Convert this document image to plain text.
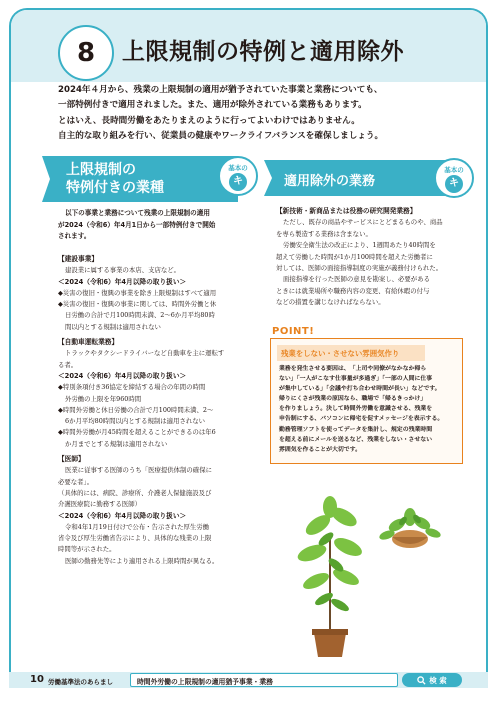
8	上限規制の特例と適用除外

2024年４月から、残業の上限規制の適用が猶予されていた事業と業務についても、

一部特例付きで適用されました。また、適用が除外されている業務もあります。

とはいえ、長時間労働をあたりまえのように行ってよいわけではありません。

自主的な取り組みを行い、従業員の健康やワークライフバランスを確保しましょう。

上限規制の
特例付きの業種
基本の
キ	適用除外の業務
基本の
キ

以下の事業と業務について残業の上限規制の適用

が2024（令和6）年4月1日から一部特例付きで開始
されます。
【建設事業】
建設業に属する事業の本店、支店など。
＜2024（令和6）年4月以降の取り扱い＞
◆災害の復旧・復興の事業を除き上限規制はすべて適用
◆災害の復旧・復興の事業に関しては、時間外労働と休
日労働の合計で月100時間未満、2～6か月平均80時
間以内とする規制は適用されない
【自動車運転業務】
トラックやタクシードライバーなど自動車を主に運転す
る者。
＜2024（令和6）年4月以降の取り扱い＞
◆特別条項付き36協定を締結する場合の年間の時間
外労働の上限を年960時間
◆時間外労働と休日労働の合計で月100時間未満、2～
6か月平均80時間以内とする規制は適用されない
◆時間外労働が月45時間を超えることができるのは年6
か月までとする規制は適用されない
【医師】
医業に従事する医師のうち「医療提供体制の確保に
必要な者」。
（具体的には、病院、診療所、介護老人保健施設及び
介護医療院に勤務する医師）
＜2024（令和6）年4月以降の取り扱い＞
令和4年1月19日付けで公布・告示された厚生労働
省令及び厚生労働省告示により、具体的な残業の上限
時間等が示された。
医師の勤務先等により適用される上限時間が異なる。
【新技術・新商品または役務の研究開発業務】
ただし、既存の商品やサービスにとどまるものや、商品
を専ら製造する業務は含まない。
労働安全衛生法の改正により、1週間あたり40時間を
超えて労働した時間が1か月100時間を超えた労働者に
対しては、医師の面接指導制度の実施が義務付けられた。
面接指導を行った医師の意見を勘案し、必要がある
ときには就業場所や職務内容の変更、有給休暇の付与
などの措置を講じなければならない。
POINT!
残業をしない・させない雰囲気作り
業務を発生させる要因は、「上司や同僚がなかなか帰ら
ない」「一人がこなす仕事量が多過ぎ」「一部の人間に仕事
が集中している」「会議や打ち合わせ時間が長い」などです。
帰りにくさが残業の原因なら、職場で「帰るきっかけ」
を作りましょう。決して時間外労働を意識させる、残業を
申告制にする、パソコンに帰宅を促すメッセージを表示する。
勤務管理ソフトを使ってデータを集計し、規定の残業時間
を超える前にメールを送るなど、残業をしない・させない
雰囲気を作ることが大切です。
10 労働基準法のあらまし	時間外労働の上限規制の適用猶予事業・業務	検 索
